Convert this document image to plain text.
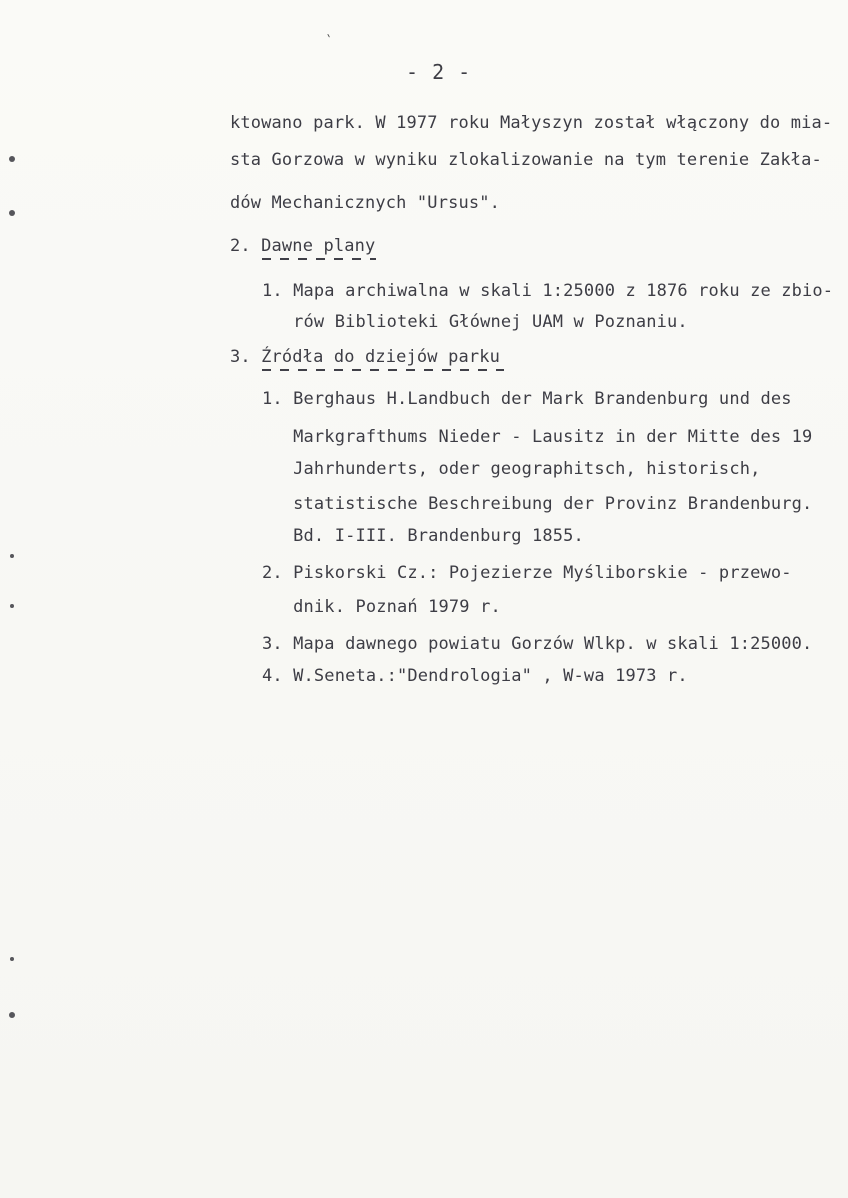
- 2 -
ktowano park. W 1977 roku Małyszyn został włączony do mia-
sta Gorzowa w wyniku zlokalizowanie na tym terenie Zakła-
dów Mechanicznych "Ursus".
2. Dawne plany
1. Mapa archiwalna w skali 1:25000 z 1876 roku ze zbio-
rów Biblioteki Głównej UAM w Poznaniu.
3. Źródła do dziejów parku
1. Berghaus H.Landbuch der Mark Brandenburg und des
Markgrafthums Nieder - Lausitz in der Mitte des 19
Jahrhunderts, oder geographitsch, historisch,
statistische Beschreibung der Provinz Brandenburg.
Bd. I-III. Brandenburg 1855.
2. Piskorski Cz.: Pojezierze Myśliborskie - przewo-
dnik. Poznań 1979 r.
3. Mapa dawnego powiatu Gorzów Wlkp. w skali 1:25000.
4. W.Seneta.:"Dendrologia" , W-wa 1973 r.
ˎ
